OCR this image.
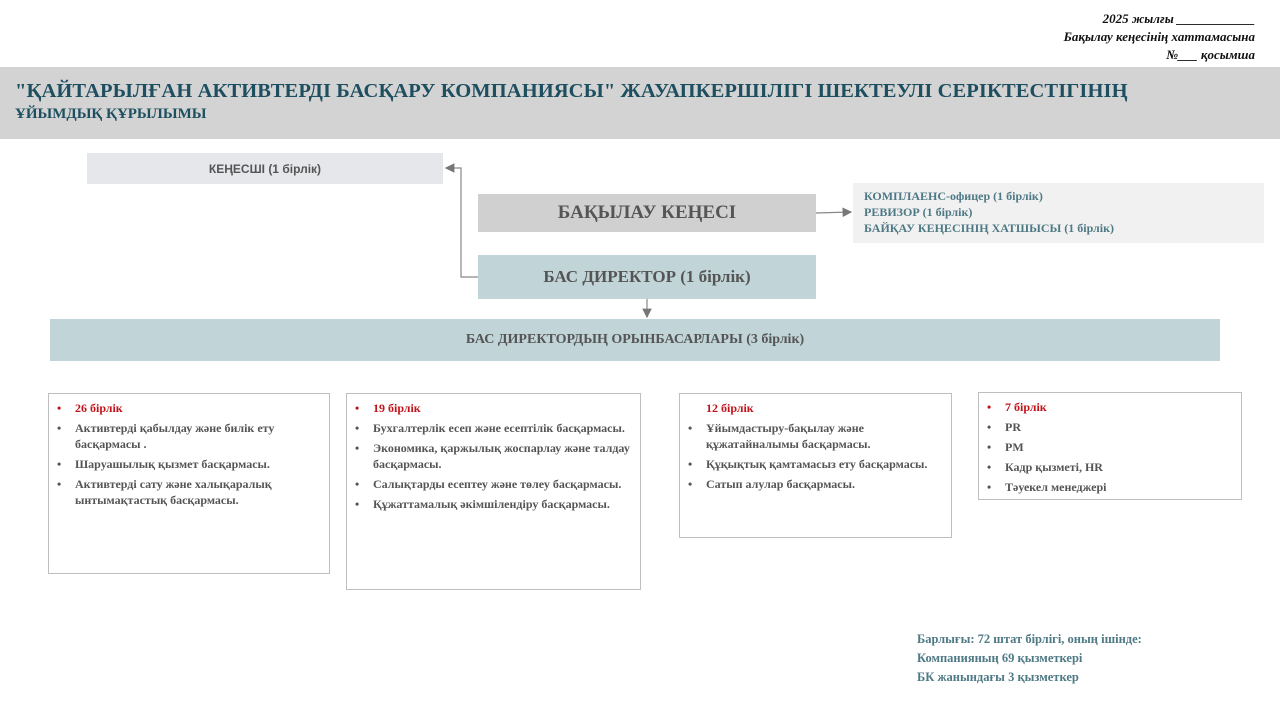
2025 жылғы ____________
Бақылау кеңесінің хаттамасына
№___ қосымша
"ҚАЙТАРЫЛҒАН АКТИВТЕРДІ БАСҚАРУ КОМПАНИЯСЫ" ЖАУАПКЕРШІЛІГІ ШЕКТЕУЛІ СЕРІКТЕСТІГІНІҢ
ҰЙЫМДЫҚ ҚҰРЫЛЫМЫ
КЕҢЕСШІ (1 бірлік)
БАҚЫЛАУ КЕҢЕСІ
КОМПЛАЕНС-офицер (1 бірлік)
РЕВИЗОР (1 бірлік)
БАЙҚАУ КЕҢЕСІНІҢ ХАТШЫСЫ (1 бірлік)
БАС ДИРЕКТОР (1 бірлік)
БАС ДИРЕКТОРДЫҢ ОРЫНБАСАРЛАРЫ (3 бірлік)
• 26 бірлік
• Активтерді қабылдау және билік ету басқармасы .
• Шаруашылық қызмет басқармасы.
• Активтерді сату және халықаралық ынтымақтастық басқармасы.
• 19 бірлік
• Бухгалтерлік есеп және есептілік басқармасы.
• Экономика, қаржылық жоспарлау және талдау басқармасы.
• Салықтарды есептеу және төлеу басқармасы.
• Құжаттамалық әкімшілендіру басқармасы.
12 бірлік
• Ұйымдастыру-бақылау және құжатайналымы басқармасы.
• Құқықтық қамтамасыз ету басқармасы.
• Сатып алулар басқармасы.
• 7 бірлік
• PR
• PM
• Кадр қызметі, HR
• Тәуекел менеджері
Барлығы: 72 штат бірлігі, оның ішінде:
Компанияның 69 қызметкері
БК жанындағы 3 қызметкер
